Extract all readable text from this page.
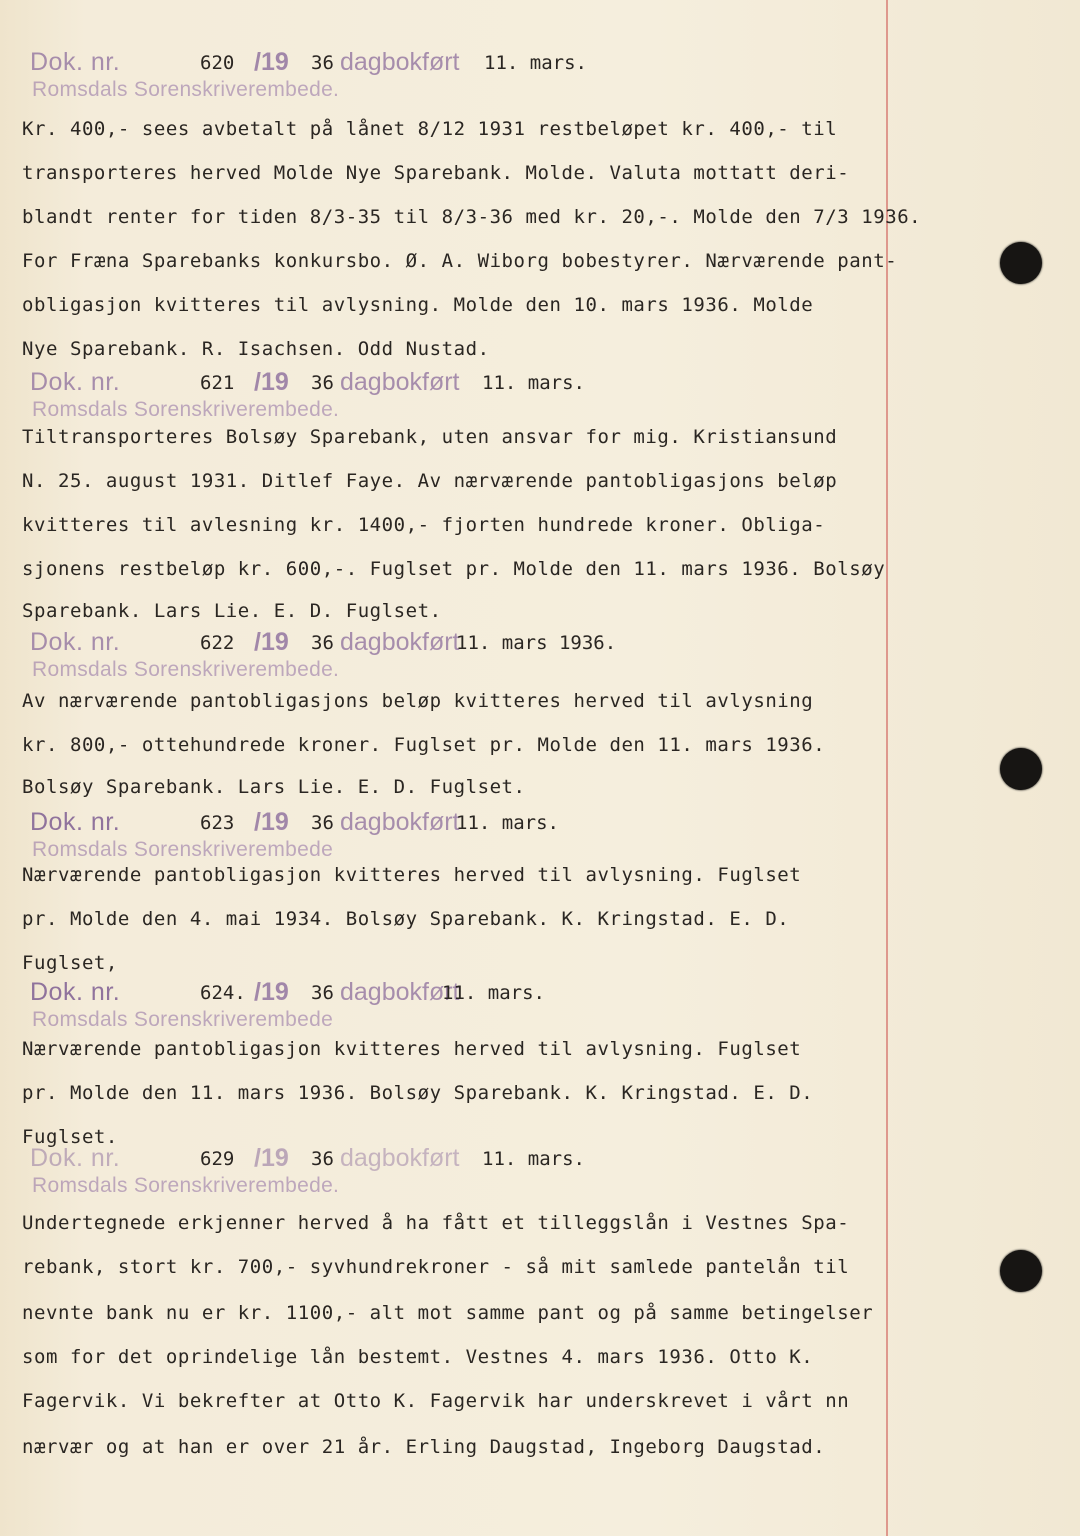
Dok. nr.	620 /19 36 dagbokført 11. mars.
Romsdals Sorenskriverembede.
Kr. 400,- sees avbetalt på lånet 8/12 1931 restbeløpet kr. 400,- til
transporteres herved Molde Nye Sparebank. Molde. Valuta mottatt deri-
blandt renter for tiden 8/3-35 til 8/3-36 med kr. 20,-. Molde den 7/3 1936.
For Fræna Sparebanks konkursbo. Ø. A. Wiborg bobestyrer. Nærværende pant-
obligasjon kvitteres til avlysning. Molde den 10. mars 1936. Molde
Nye Sparebank. R. Isachsen. Odd Nustad.
Dok. nr.	621 /19 36 dagbokført 11. mars.
Romsdals Sorenskriverembede.
Tiltransporteres Bolsøy Sparebank, uten ansvar for mig. Kristiansund
N. 25. august 1931. Ditlef Faye. Av nærværende pantobligasjons beløp
kvitteres til avlesning kr. 1400,- fjorten hundrede kroner. Obliga-
sjonens restbeløp kr. 600,-. Fuglset pr. Molde den 11. mars 1936. Bolsøy
Sparebank. Lars Lie. E. D. Fuglset.
Dok. nr.	622 /19 36 dagbokført
11. mars 1936.
Romsdals Sorenskriverembede.
Av nærværende pantobligasjons beløp kvitteres herved til avlysning
kr. 800,- ottehundrede kroner. Fuglset pr. Molde den 11. mars 1936.
Bolsøy Sparebank. Lars Lie. E. D. Fuglset.
Dok. nr.	623 /19 36 dagbokført
11. mars.
Romsdals Sorenskriverembede
Nærværende pantobligasjon kvitteres herved til avlysning. Fuglset
pr. Molde den 4. mai 1934. Bolsøy Sparebank. K. Kringstad. E. D.
Fuglset,
Dok. nr.	624. /19 36 dagbokført
11. mars.
Romsdals Sorenskriverembede
Nærværende pantobligasjon kvitteres herved til avlysning. Fuglset
pr. Molde den 11. mars 1936. Bolsøy Sparebank. K. Kringstad. E. D.
Fuglset.
Dok. nr.	629 /19 36 dagbokført 11. mars.
Romsdals Sorenskriverembede.
Undertegnede erkjenner herved å ha fått et tilleggslån i Vestnes Spa-
rebank, stort kr. 700,- syvhundrekroner - så mit samlede pantelån til
nevnte bank nu er kr. 1100,- alt mot samme pant og på samme betingelser
som for det oprindelige lån bestemt. Vestnes 4. mars 1936. Otto K.
Fagervik. Vi bekrefter at Otto K. Fagervik har underskrevet i vårt nn
nærvær og at han er over 21 år. Erling Daugstad, Ingeborg Daugstad.
